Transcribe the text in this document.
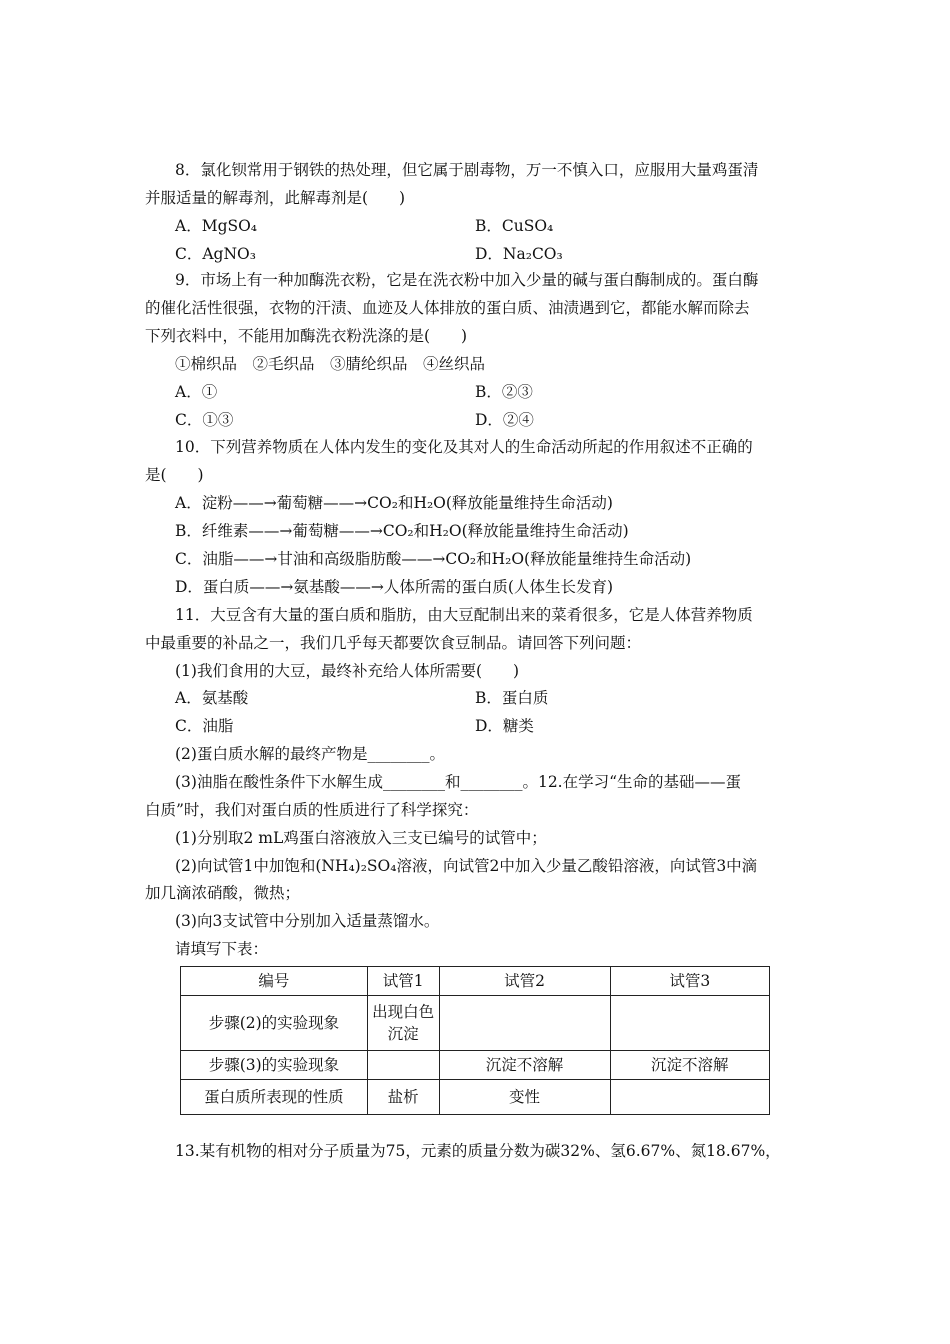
8．氯化钡常用于钢铁的热处理，但它属于剧毒物，万一不慎入口，应服用大量鸡蛋清
并服适量的解毒剂，此解毒剂是(　　)
A．MgSO₄	B．CuSO₄
C．AgNO₃	D．Na₂CO₃
9．市场上有一种加酶洗衣粉，它是在洗衣粉中加入少量的碱与蛋白酶制成的。蛋白酶
的催化活性很强，衣物的汗渍、血迹及人体排放的蛋白质、油渍遇到它，都能水解而除去
下列衣料中，不能用加酶洗衣粉洗涤的是(　　)
①棉织品　②毛织品　③腈纶织品　④丝织品
A．①	B．②③
C．①③	D．②④
10．下列营养物质在人体内发生的变化及其对人的生命活动所起的作用叙述不正确的
是(　　)
A．淀粉——→葡萄糖——→CO₂和H₂O(释放能量维持生命活动)
B．纤维素——→葡萄糖——→CO₂和H₂O(释放能量维持生命活动)
C．油脂——→甘油和高级脂肪酸——→CO₂和H₂O(释放能量维持生命活动)
D．蛋白质——→氨基酸——→人体所需的蛋白质(人体生长发育)
11．大豆含有大量的蛋白质和脂肪，由大豆配制出来的菜肴很多，它是人体营养物质
中最重要的补品之一，我们几乎每天都要饮食豆制品。请回答下列问题：
(1)我们食用的大豆，最终补充给人体所需要(　　)
A．氨基酸	B．蛋白质
C．油脂	D．糖类
(2)蛋白质水解的最终产物是________。
(3)油脂在酸性条件下水解生成________和________。12.在学习“生命的基础——蛋
白质”时，我们对蛋白质的性质进行了科学探究：
(1)分别取2 mL鸡蛋白溶液放入三支已编号的试管中；
(2)向试管1中加饱和(NH₄)₂SO₄溶液，向试管2中加入少量乙酸铅溶液，向试管3中滴
加几滴浓硝酸，微热；
(3)向3支试管中分别加入适量蒸馏水。
请填写下表：
编号	试管1	试管2	试管3
步骤(2)的实验现象	出现白色沉淀		
步骤(3)的实验现象		沉淀不溶解	沉淀不溶解
蛋白质所表现的性质	盐析	变性	
13.某有机物的相对分子质量为75，元素的质量分数为碳32%、氢6.67%、氮18.67%，
